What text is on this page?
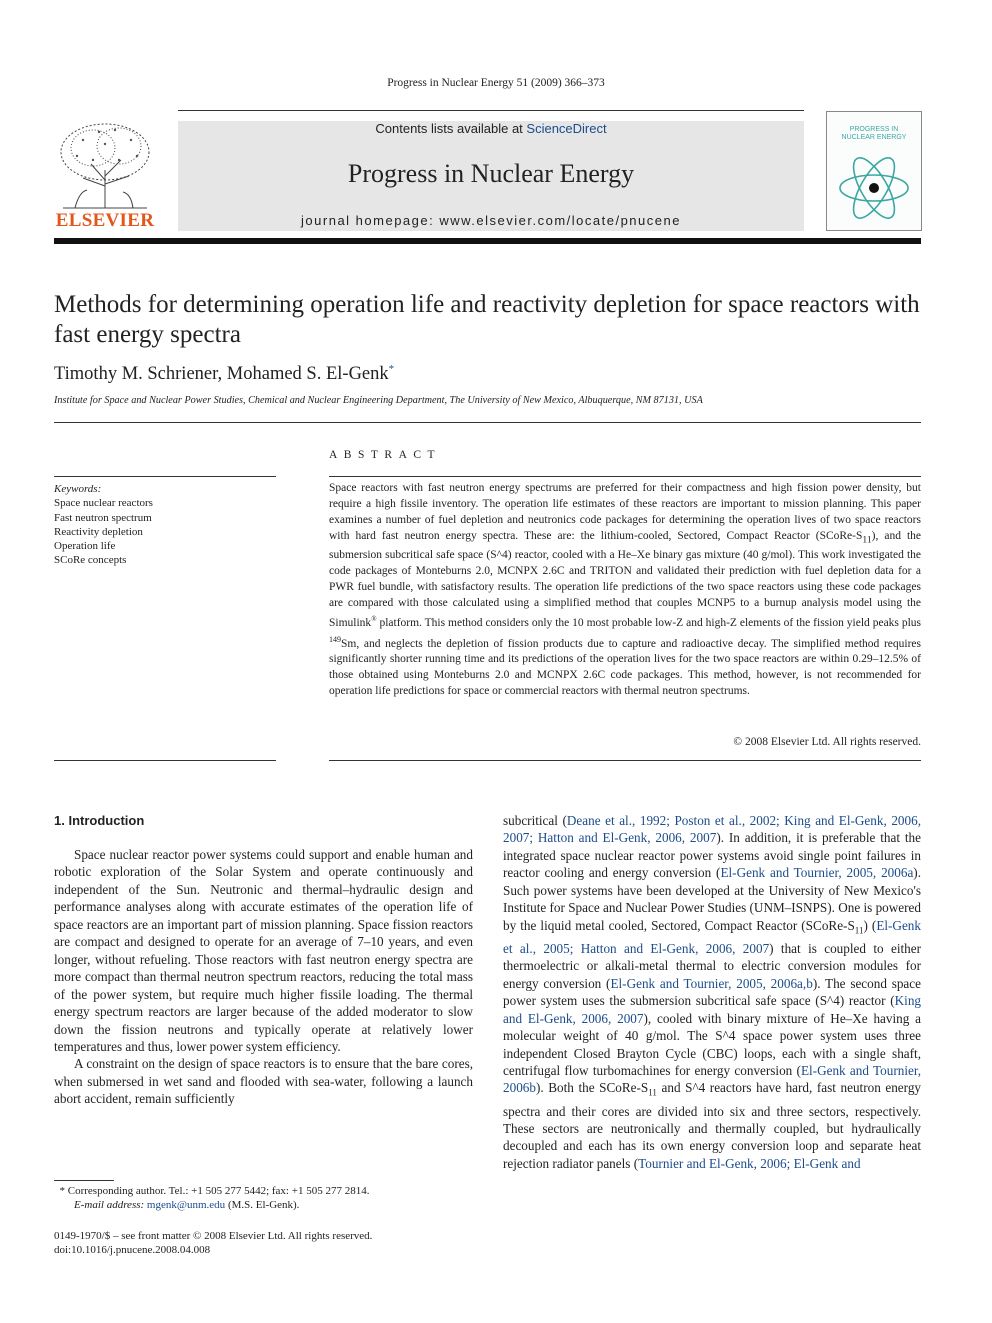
Progress in Nuclear Energy 51 (2009) 366–373
ELSEVIER
Contents lists available at ScienceDirect
Progress in Nuclear Energy
journal homepage: www.elsevier.com/locate/pnucene
PROGRESS IN
NUCLEAR ENERGY
Methods for determining operation life and reactivity depletion for space reactors with fast energy spectra
Timothy M. Schriener, Mohamed S. El-Genk*
Institute for Space and Nuclear Power Studies, Chemical and Nuclear Engineering Department, The University of New Mexico, Albuquerque, NM 87131, USA
ABSTRACT
Keywords:
Space nuclear reactors
Fast neutron spectrum
Reactivity depletion
Operation life
SCoRe concepts
Space reactors with fast neutron energy spectrums are preferred for their compactness and high fission power density, but require a high fissile inventory. The operation life estimates of these reactors are important to mission planning. This paper examines a number of fuel depletion and neutronics code packages for determining the operation lives of two space reactors with hard fast neutron energy spectra. These are: the lithium-cooled, Sectored, Compact Reactor $(SCoRe-S_{11})$, and the submersion subcritical safe space (S^4) reactor, cooled with a He–Xe binary gas mixture (40 g/mol). This work investigated the code packages of Monteburns 2.0, MCNPX 2.6C and TRITON and validated their prediction with fuel depletion data for a PWR fuel bundle, with satisfactory results. The operation life predictions of the two space reactors using these code packages are compared with those calculated using a simplified method that couples MCNP5 to a burnup analysis model using the Simulink® platform. This method considers only the 10 most probable low-Z and high-Z elements of the fission yield peaks plus $^{149}$Sm, and neglects the depletion of fission products due to capture and radioactive decay. The simplified method requires significantly shorter running time and its predictions of the operation lives for the two space reactors are within 0.29–12.5% of those obtained using Monteburns 2.0 and MCNPX 2.6C code packages. This method, however, is not recommended for operation life predictions for space or commercial reactors with thermal neutron spectrums.
© 2008 Elsevier Ltd. All rights reserved.
1. Introduction

Space nuclear reactor power systems could support and enable human and robotic exploration of the Solar System and operate continuously and independent of the Sun. Neutronic and thermal–hydraulic design and performance analyses along with accurate estimates of the operation life of space reactors are an important part of mission planning. Space fission reactors are compact and designed to operate for an average of 7–10 years, and even longer, without refueling. Those reactors with fast neutron energy spectra are more compact than thermal neutron spectrum reactors, reducing the total mass of the power system, but require much higher fissile loading. The thermal energy spectrum reactors are larger because of the added moderator to slow down the fission neutrons and typically operate at relatively lower temperatures and thus, lower power system efficiency.

A constraint on the design of space reactors is to ensure that the bare cores, when submersed in wet sand and flooded with sea-water, following a launch abort accident, remain sufficiently

subcritical (Deane et al., 1992; Poston et al., 2002; King and El-Genk, 2006, 2007; Hatton and El-Genk, 2006, 2007). In addition, it is preferable that the integrated space nuclear reactor power systems avoid single point failures in reactor cooling and energy conversion (El-Genk and Tournier, 2005, 2006a). Such power systems have been developed at the University of New Mexico's Institute for Space and Nuclear Power Studies (UNM–ISNPS). One is powered by the liquid metal cooled, Sectored, Compact Reactor $(SCoRe-S_{11})$ (El-Genk et al., 2005; Hatton and El-Genk, 2006, 2007) that is coupled to either thermoelectric or alkali-metal thermal to electric conversion modules for energy conversion (El-Genk and Tournier, 2005, 2006a,b). The second space power system uses the submersion subcritical safe space (S^4) reactor (King and El-Genk, 2006, 2007), cooled with binary mixture of He–Xe having a molecular weight of 40 g/mol. The S^4 space power system uses three independent Closed Brayton Cycle (CBC) loops, each with a single shaft, centrifugal flow turbomachines for energy conversion (El-Genk and Tournier, 2006b). Both the SCoRe-$S_{11}$ and S^4 reactors have hard, fast neutron energy spectra and their cores are divided into six and three sectors, respectively. These sectors are neutronically and thermally coupled, but hydraulically decoupled and each has its own energy conversion loop and separate heat rejection radiator panels (Tournier and El-Genk, 2006; El-Genk and

* Corresponding author. Tel.: +1 505 277 5442; fax: +1 505 277 2814.
E-mail address: mgenk@unm.edu (M.S. El-Genk).
0149-1970/$ – see front matter © 2008 Elsevier Ltd. All rights reserved.
doi:10.1016/j.pnucene.2008.04.008
